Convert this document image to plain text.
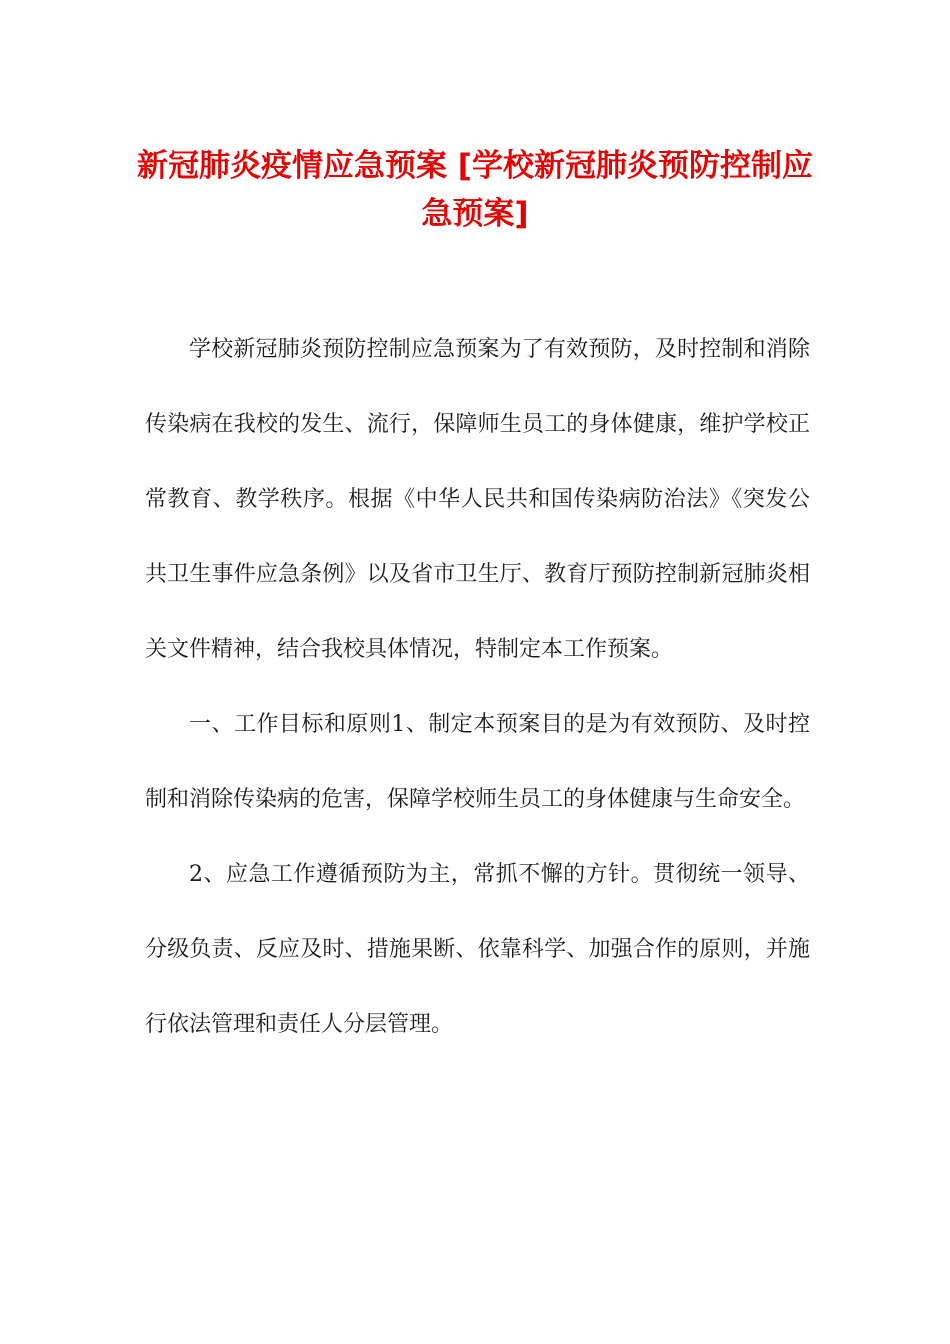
新冠肺炎疫情应急预案 [学校新冠肺炎预防控制应急预案]

学校新冠肺炎预防控制应急预案为了有效预防，及时控制和消除传染病在我校的发生、流行，保障师生员工的身体健康，维护学校正常教育、教学秩序。根据《中华人民共和国传染病防治法》《突发公共卫生事件应急条例》以及省市卫生厅、教育厅预防控制新冠肺炎相关文件精神，结合我校具体情况，特制定本工作预案。

一、工作目标和原则1、制定本预案目的是为有效预防、及时控制和消除传染病的危害，保障学校师生员工的身体健康与生命安全。

2、应急工作遵循预防为主，常抓不懈的方针。贯彻统一领导、分级负责、反应及时、措施果断、依靠科学、加强合作的原则，并施行依法管理和责任人分层管理。
